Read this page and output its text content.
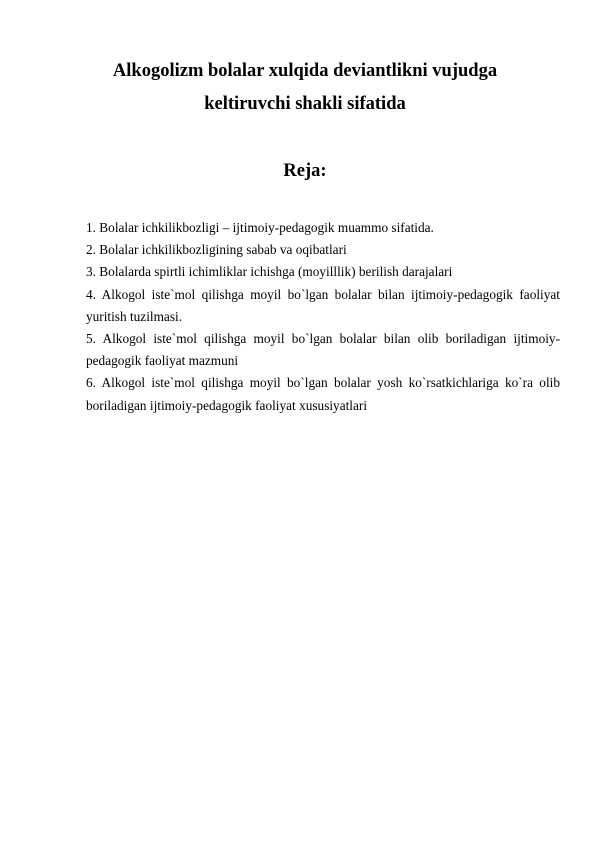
Alkogolizm bolalar xulqida deviantlikni vujudga
keltiruvchi shakli sifatida
Reja:
1. Bolalar ichkilikbozligi – ijtimoiy-pedagogik muammo sifatida.
2. Bolalar ichkilikbozligining sabab va oqibatlari
3. Bolalarda spirtli ichimliklar ichishga (moyilllik) berilish darajalari
4. Alkogol iste`mol qilishga moyil bo`lgan bolalar bilan ijtimoiy-pedagogik faoliyat yuritish tuzilmasi.
5. Alkogol iste`mol qilishga moyil bo`lgan bolalar bilan olib boriladigan ijtimoiy-pedagogik faoliyat mazmuni
6. Alkogol iste`mol qilishga moyil bo`lgan bolalar yosh ko`rsatkichlariga ko`ra olib boriladigan ijtimoiy-pedagogik faoliyat xususiyatlari
